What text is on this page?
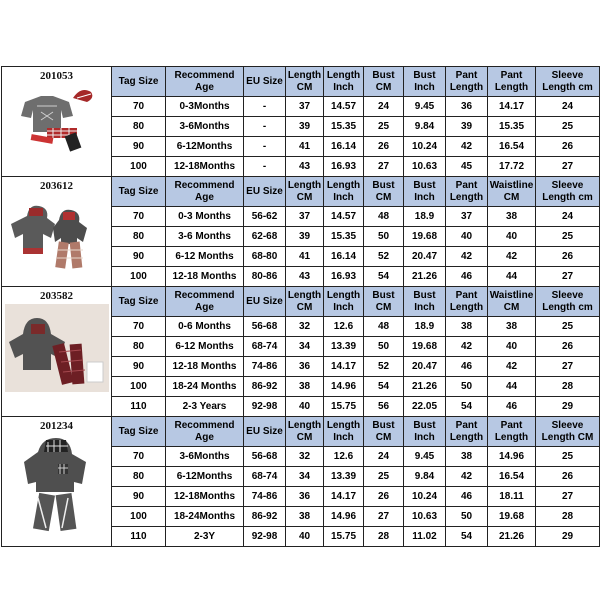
201053	Tag Size	Recommend Age	EU Size	Length CM	Length Inch	Bust CM	Bust Inch	Pant Length	Pant Length	Sleeve Length cm
	70	0-3Months	-	37	14.57	24	9.45	36	14.17	24
	80	3-6Months	-	39	15.35	25	9.84	39	15.35	25
	90	6-12Months	-	41	16.14	26	10.24	42	16.54	26
	100	12-18Months	-	43	16.93	27	10.63	45	17.72	27

203612	Tag Size	Recommend Age	EU Size	Length CM	Length Inch	Bust CM	Bust Inch	Pant Length	Waistline CM	Sleeve Length cm
	70	0-3 Months	56-62	37	14.57	48	18.9	37	38	24
	80	3-6 Months	62-68	39	15.35	50	19.68	40	40	25
	90	6-12 Months	68-80	41	16.14	52	20.47	42	42	26
	100	12-18 Months	80-86	43	16.93	54	21.26	46	44	27

203582	Tag Size	Recommend Age	EU Size	Length CM	Length Inch	Bust CM	Bust Inch	Pant Length	Waistline CM	Sleeve Length cm
	70	0-6 Months	56-68	32	12.6	48	18.9	38	38	25
	80	6-12 Months	68-74	34	13.39	50	19.68	42	40	26
	90	12-18 Months	74-86	36	14.17	52	20.47	46	42	27
	100	18-24 Months	86-92	38	14.96	54	21.26	50	44	28
	110	2-3 Years	92-98	40	15.75	56	22.05	54	46	29

201234	Tag Size	Recommend Age	EU Size	Length CM	Length Inch	Bust CM	Bust Inch	Pant Length	Pant Length	Sleeve Length CM
	70	3-6Months	56-68	32	12.6	24	9.45	38	14.96	25
	80	6-12Months	68-74	34	13.39	25	9.84	42	16.54	26
	90	12-18Months	74-86	36	14.17	26	10.24	46	18.11	27
	100	18-24Months	86-92	38	14.96	27	10.63	50	19.68	28
	110	2-3Y	92-98	40	15.75	28	11.02	54	21.26	29
